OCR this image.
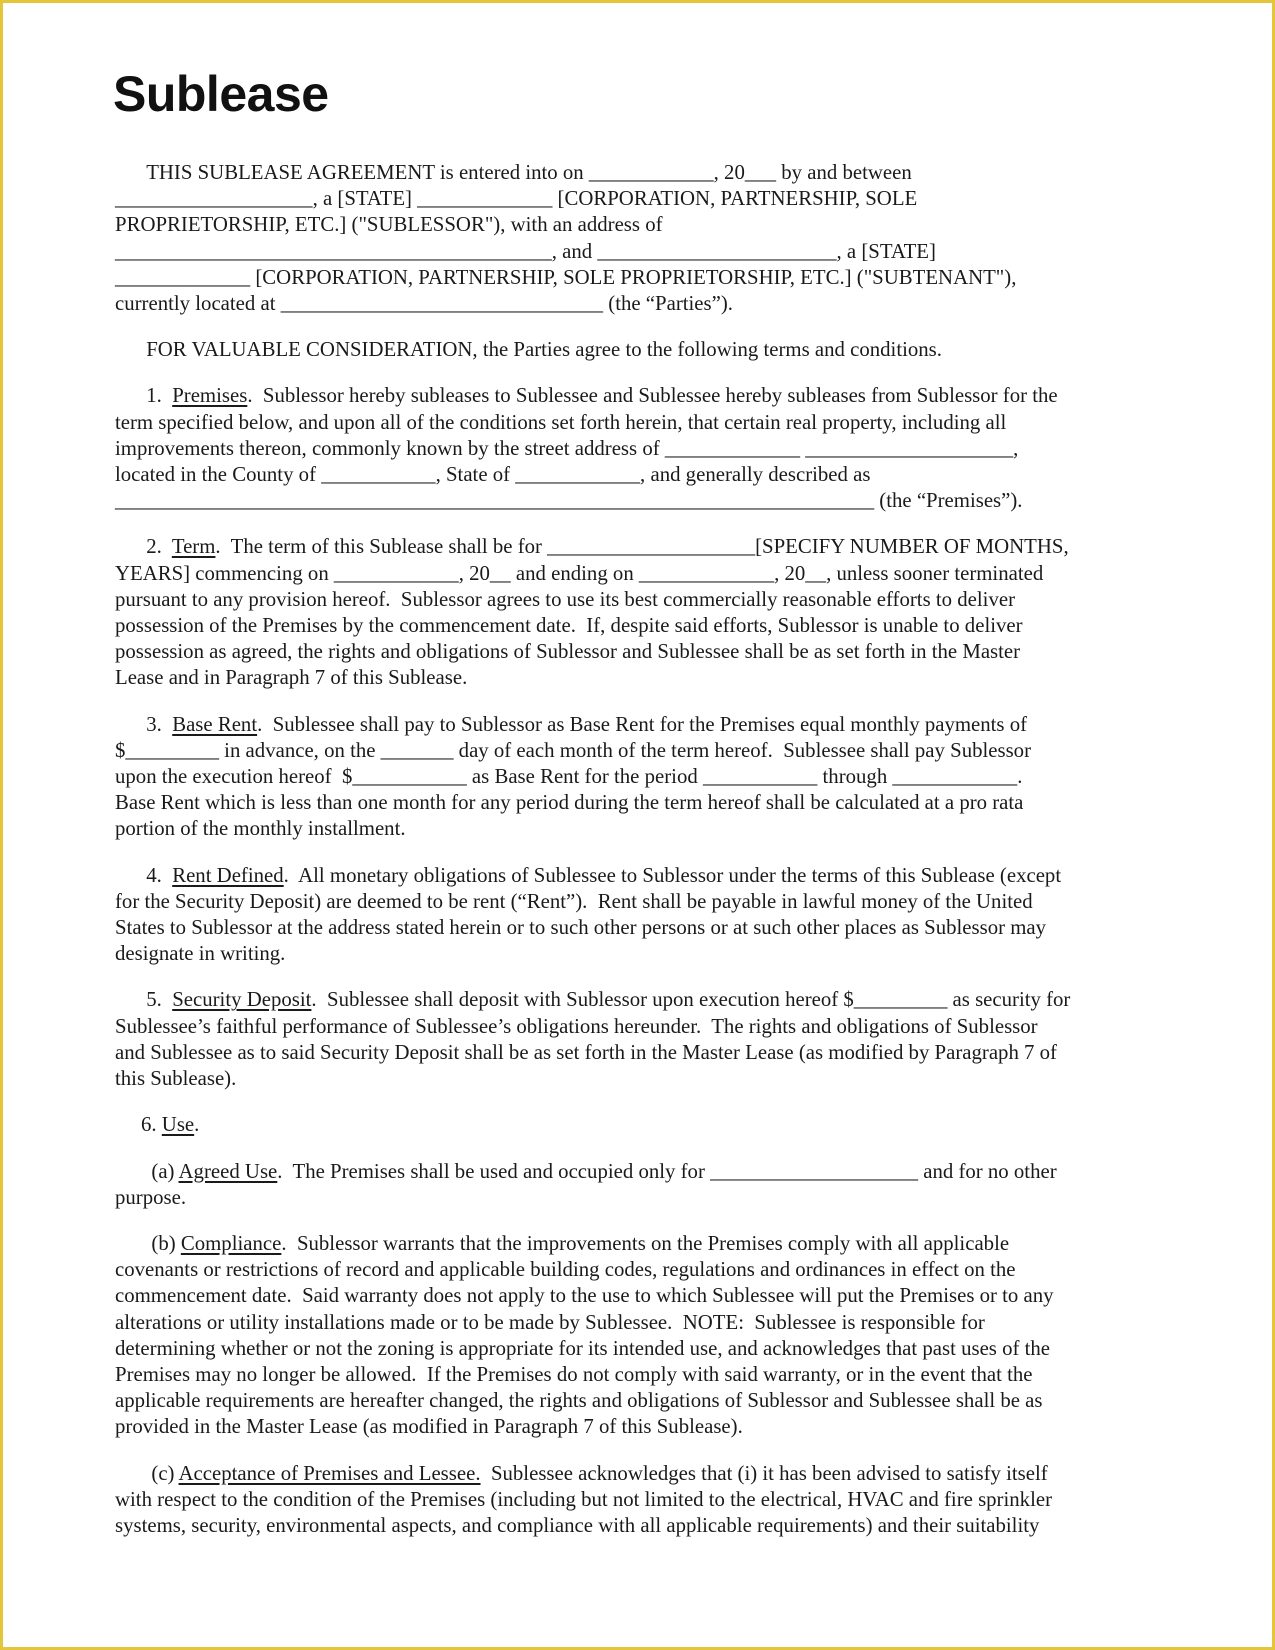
Sublease

THIS SUBLEASE AGREEMENT is entered into on ____________, 20___ by and between
___________________, a [STATE] _____________ [CORPORATION, PARTNERSHIP, SOLE
PROPRIETORSHIP, ETC.] ("SUBLESSOR"), with an address of
__________________________________________, and _______________________, a [STATE]
_____________ [CORPORATION, PARTNERSHIP, SOLE PROPRIETORSHIP, ETC.] ("SUBTENANT"),
currently located at _______________________________ (the “Parties”).

FOR VALUABLE CONSIDERATION, the Parties agree to the following terms and conditions.

1.  Premises.  Sublessor hereby subleases to Sublessee and Sublessee hereby subleases from Sublessor for the
term specified below, and upon all of the conditions set forth herein, that certain real property, including all
improvements thereon, commonly known by the street address of _____________ ____________________,
located in the County of ___________, State of ____________, and generally described as
_________________________________________________________________________ (the “Premises”).

2.  Term.  The term of this Sublease shall be for ____________________[SPECIFY NUMBER OF MONTHS,
YEARS] commencing on ____________, 20__ and ending on _____________, 20__, unless sooner terminated
pursuant to any provision hereof.  Sublessor agrees to use its best commercially reasonable efforts to deliver
possession of the Premises by the commencement date.  If, despite said efforts, Sublessor is unable to deliver
possession as agreed, the rights and obligations of Sublessor and Sublessee shall be as set forth in the Master
Lease and in Paragraph 7 of this Sublease.

3.  Base Rent.  Sublessee shall pay to Sublessor as Base Rent for the Premises equal monthly payments of
$_________ in advance, on the _______ day of each month of the term hereof.  Sublessee shall pay Sublessor
upon the execution hereof  $___________ as Base Rent for the period ___________ through ____________.
Base Rent which is less than one month for any period during the term hereof shall be calculated at a pro rata
portion of the monthly installment.

4.  Rent Defined.  All monetary obligations of Sublessee to Sublessor under the terms of this Sublease (except
for the Security Deposit) are deemed to be rent (“Rent”).  Rent shall be payable in lawful money of the United
States to Sublessor at the address stated herein or to such other persons or at such other places as Sublessor may
designate in writing.

5.  Security Deposit.  Sublessee shall deposit with Sublessor upon execution hereof $_________ as security for
Sublessee’s faithful performance of Sublessee’s obligations hereunder.  The rights and obligations of Sublessor
and Sublessee as to said Security Deposit shall be as set forth in the Master Lease (as modified by Paragraph 7 of
this Sublease).

6. Use.

(a) Agreed Use.  The Premises shall be used and occupied only for ____________________ and for no other
purpose.

(b) Compliance.  Sublessor warrants that the improvements on the Premises comply with all applicable
covenants or restrictions of record and applicable building codes, regulations and ordinances in effect on the
commencement date.  Said warranty does not apply to the use to which Sublessee will put the Premises or to any
alterations or utility installations made or to be made by Sublessee.  NOTE:  Sublessee is responsible for
determining whether or not the zoning is appropriate for its intended use, and acknowledges that past uses of the
Premises may no longer be allowed.  If the Premises do not comply with said warranty, or in the event that the
applicable requirements are hereafter changed, the rights and obligations of Sublessor and Sublessee shall be as
provided in the Master Lease (as modified in Paragraph 7 of this Sublease).

(c) Acceptance of Premises and Lessee.  Sublessee acknowledges that (i) it has been advised to satisfy itself
with respect to the condition of the Premises (including but not limited to the electrical, HVAC and fire sprinkler
systems, security, environmental aspects, and compliance with all applicable requirements) and their suitability
